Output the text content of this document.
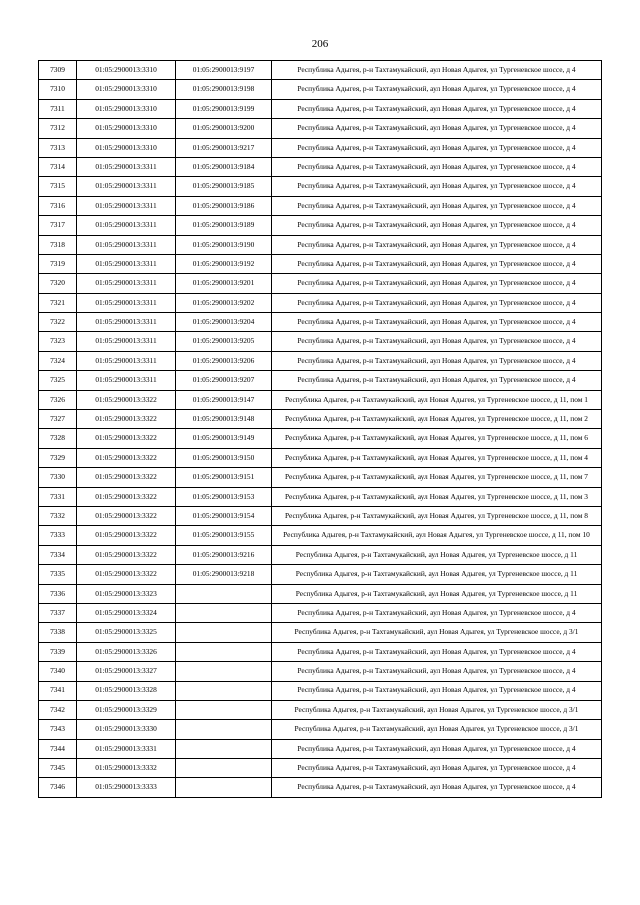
206
7309	01:05:2900013:3310	01:05:2900013:9197	Республика Адыгея, р-н Тахтамукайский, аул Новая Адыгея, ул Тургеневское шоссе, д 4
7310	01:05:2900013:3310	01:05:2900013:9198	Республика Адыгея, р-н Тахтамукайский, аул Новая Адыгея, ул Тургеневское шоссе, д 4
7311	01:05:2900013:3310	01:05:2900013:9199	Республика Адыгея, р-н Тахтамукайский, аул Новая Адыгея, ул Тургеневское шоссе, д 4
7312	01:05:2900013:3310	01:05:2900013:9200	Республика Адыгея, р-н Тахтамукайский, аул Новая Адыгея, ул Тургеневское шоссе, д 4
7313	01:05:2900013:3310	01:05:2900013:9217	Республика Адыгея, р-н Тахтамукайский, аул Новая Адыгея, ул Тургеневское шоссе, д 4
7314	01:05:2900013:3311	01:05:2900013:9184	Республика Адыгея, р-н Тахтамукайский, аул Новая Адыгея, ул Тургеневское шоссе, д 4
7315	01:05:2900013:3311	01:05:2900013:9185	Республика Адыгея, р-н Тахтамукайский, аул Новая Адыгея, ул Тургеневское шоссе, д 4
7316	01:05:2900013:3311	01:05:2900013:9186	Республика Адыгея, р-н Тахтамукайский, аул Новая Адыгея, ул Тургеневское шоссе, д 4
7317	01:05:2900013:3311	01:05:2900013:9189	Республика Адыгея, р-н Тахтамукайский, аул Новая Адыгея, ул Тургеневское шоссе, д 4
7318	01:05:2900013:3311	01:05:2900013:9190	Республика Адыгея, р-н Тахтамукайский, аул Новая Адыгея, ул Тургеневское шоссе, д 4
7319	01:05:2900013:3311	01:05:2900013:9192	Республика Адыгея, р-н Тахтамукайский, аул Новая Адыгея, ул Тургеневское шоссе, д 4
7320	01:05:2900013:3311	01:05:2900013:9201	Республика Адыгея, р-н Тахтамукайский, аул Новая Адыгея, ул Тургеневское шоссе, д 4
7321	01:05:2900013:3311	01:05:2900013:9202	Республика Адыгея, р-н Тахтамукайский, аул Новая Адыгея, ул Тургеневское шоссе, д 4
7322	01:05:2900013:3311	01:05:2900013:9204	Республика Адыгея, р-н Тахтамукайский, аул Новая Адыгея, ул Тургеневское шоссе, д 4
7323	01:05:2900013:3311	01:05:2900013:9205	Республика Адыгея, р-н Тахтамукайский, аул Новая Адыгея, ул Тургеневское шоссе, д 4
7324	01:05:2900013:3311	01:05:2900013:9206	Республика Адыгея, р-н Тахтамукайский, аул Новая Адыгея, ул Тургеневское шоссе, д 4
7325	01:05:2900013:3311	01:05:2900013:9207	Республика Адыгея, р-н Тахтамукайский, аул Новая Адыгея, ул Тургеневское шоссе, д 4
7326	01:05:2900013:3322	01:05:2900013:9147	Республика Адыгея, р-н Тахтамукайский, аул Новая Адыгея, ул Тургеневское шоссе, д 11, пом 1
7327	01:05:2900013:3322	01:05:2900013:9148	Республика Адыгея, р-н Тахтамукайский, аул Новая Адыгея, ул Тургеневское шоссе, д 11, пом 2
7328	01:05:2900013:3322	01:05:2900013:9149	Республика Адыгея, р-н Тахтамукайский, аул Новая Адыгея, ул Тургеневское шоссе, д 11, пом 6
7329	01:05:2900013:3322	01:05:2900013:9150	Республика Адыгея, р-н Тахтамукайский, аул Новая Адыгея, ул Тургеневское шоссе, д 11, пом 4
7330	01:05:2900013:3322	01:05:2900013:9151	Республика Адыгея, р-н Тахтамукайский, аул Новая Адыгея, ул Тургеневское шоссе, д 11, пом 7
7331	01:05:2900013:3322	01:05:2900013:9153	Республика Адыгея, р-н Тахтамукайский, аул Новая Адыгея, ул Тургеневское шоссе, д 11, пом 3
7332	01:05:2900013:3322	01:05:2900013:9154	Республика Адыгея, р-н Тахтамукайский, аул Новая Адыгея, ул Тургеневское шоссе, д 11, пом 8
7333	01:05:2900013:3322	01:05:2900013:9155	Республика Адыгея, р-н Тахтамукайский, аул Новая Адыгея, ул Тургеневское шоссе, д 11, пом 10
7334	01:05:2900013:3322	01:05:2900013:9216	Республика Адыгея, р-н Тахтамукайский, аул Новая Адыгея, ул Тургеневское шоссе, д 11
7335	01:05:2900013:3322	01:05:2900013:9218	Республика Адыгея, р-н Тахтамукайский, аул Новая Адыгея, ул Тургеневское шоссе, д 11
7336	01:05:2900013:3323		Республика Адыгея, р-н Тахтамукайский, аул Новая Адыгея, ул Тургеневское шоссе, д 11
7337	01:05:2900013:3324		Республика Адыгея, р-н Тахтамукайский, аул Новая Адыгея, ул Тургеневское шоссе, д 4
7338	01:05:2900013:3325		Республика Адыгея, р-н Тахтамукайский, аул Новая Адыгея, ул Тургеневское шоссе, д 3/1
7339	01:05:2900013:3326		Республика Адыгея, р-н Тахтамукайский, аул Новая Адыгея, ул Тургеневское шоссе, д 4
7340	01:05:2900013:3327		Республика Адыгея, р-н Тахтамукайский, аул Новая Адыгея, ул Тургеневское шоссе, д 4
7341	01:05:2900013:3328		Республика Адыгея, р-н Тахтамукайский, аул Новая Адыгея, ул Тургеневское шоссе, д 4
7342	01:05:2900013:3329		Республика Адыгея, р-н Тахтамукайский, аул Новая Адыгея, ул Тургеневское шоссе, д 3/1
7343	01:05:2900013:3330		Республика Адыгея, р-н Тахтамукайский, аул Новая Адыгея, ул Тургеневское шоссе, д 3/1
7344	01:05:2900013:3331		Республика Адыгея, р-н Тахтамукайский, аул Новая Адыгея, ул Тургеневское шоссе, д 4
7345	01:05:2900013:3332		Республика Адыгея, р-н Тахтамукайский, аул Новая Адыгея, ул Тургеневское шоссе, д 4
7346	01:05:2900013:3333		Республика Адыгея, р-н Тахтамукайский, аул Новая Адыгея, ул Тургеневское шоссе, д 4
